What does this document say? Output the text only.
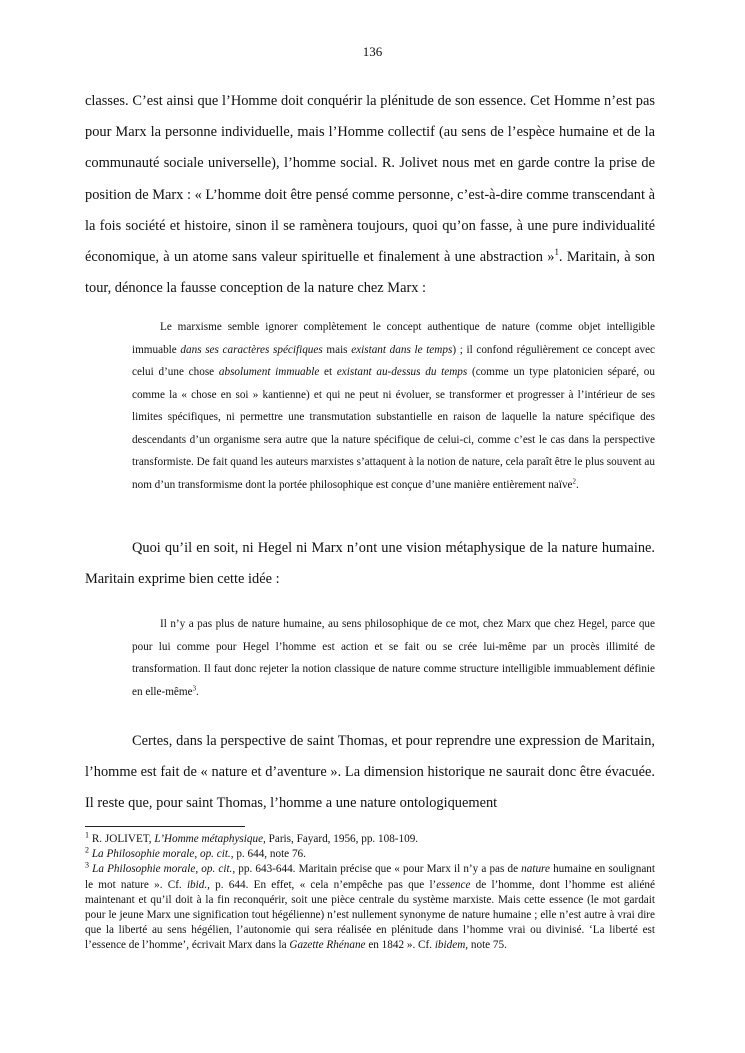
136

classes. C’est ainsi que l’Homme doit conquérir la plénitude de son essence. Cet Homme n’est pas pour Marx la personne individuelle, mais l’Homme collectif (au sens de l’espèce humaine et de la communauté sociale universelle), l’homme social. R. Jolivet nous met en garde contre la prise de position de Marx : « L’homme doit être pensé comme personne, c’est-à-dire comme transcendant à la fois société et histoire, sinon il se ramènera toujours, quoi qu’on fasse, à une pure individualité économique, à un atome sans valeur spirituelle et finalement à une abstraction »$^1$. Maritain, à son tour, dénonce la fausse conception de la nature chez Marx :

Le marxisme semble ignorer complètement le concept authentique de nature (comme objet intelligible immuable dans ses caractères spécifiques mais existant dans le temps) ; il confond régulièrement ce concept avec celui d’une chose absolument immuable et existant au-dessus du temps (comme un type platonicien séparé, ou comme la « chose en soi » kantienne) et qui ne peut ni évoluer, se transformer et progresser à l’intérieur de ses limites spécifiques, ni permettre une transmutation substantielle en raison de laquelle la nature spécifique des descendants d’un organisme sera autre que la nature spécifique de celui-ci, comme c’est le cas dans la perspective transformiste. De fait quand les auteurs marxistes s’attaquent à la notion de nature, cela paraît être le plus souvent au nom d’un transformisme dont la portée philosophique est conçue d’une manière entièrement naïve$^2$.

Quoi qu’il en soit, ni Hegel ni Marx n’ont une vision métaphysique de la nature humaine. Maritain exprime bien cette idée :

Il n’y a pas plus de nature humaine, au sens philosophique de ce mot, chez Marx que chez Hegel, parce que pour lui comme pour Hegel l’homme est action et se fait ou se crée lui-même par un procès illimité de transformation. Il faut donc rejeter la notion classique de nature comme structure intelligible immuablement définie en elle-même$^3$.

Certes, dans la perspective de saint Thomas, et pour reprendre une expression de Maritain, l’homme est fait de « nature et d’aventure ». La dimension historique ne saurait donc être évacuée. Il reste que, pour saint Thomas, l’homme a une nature ontologiquement

$^1$ R. JOLIVET, L’Homme métaphysique, Paris, Fayard, 1956, pp. 108-109.

$^2$ La Philosophie morale, op. cit., p. 644, note 76.

$^3$ La Philosophie morale, op. cit., pp. 643-644. Maritain précise que « pour Marx il n’y a pas de nature humaine en soulignant le mot nature ». Cf. ibid., p. 644. En effet, « cela n’empêche pas que l’essence de l’homme, dont l’homme est aliéné maintenant et qu’il doit à la fin reconquérir, soit une pièce centrale du système marxiste. Mais cette essence (le mot gardait pour le jeune Marx une signification tout hégélienne) n’est nullement synonyme de nature humaine ; elle n’est autre à vrai dire que la liberté au sens hégélien, l’autonomie qui sera réalisée en plénitude dans l’homme vrai ou divinisé. ‘La liberté est l’essence de l’homme’, écrivait Marx dans la Gazette Rhénane en 1842 ». Cf. ibidem, note 75.
